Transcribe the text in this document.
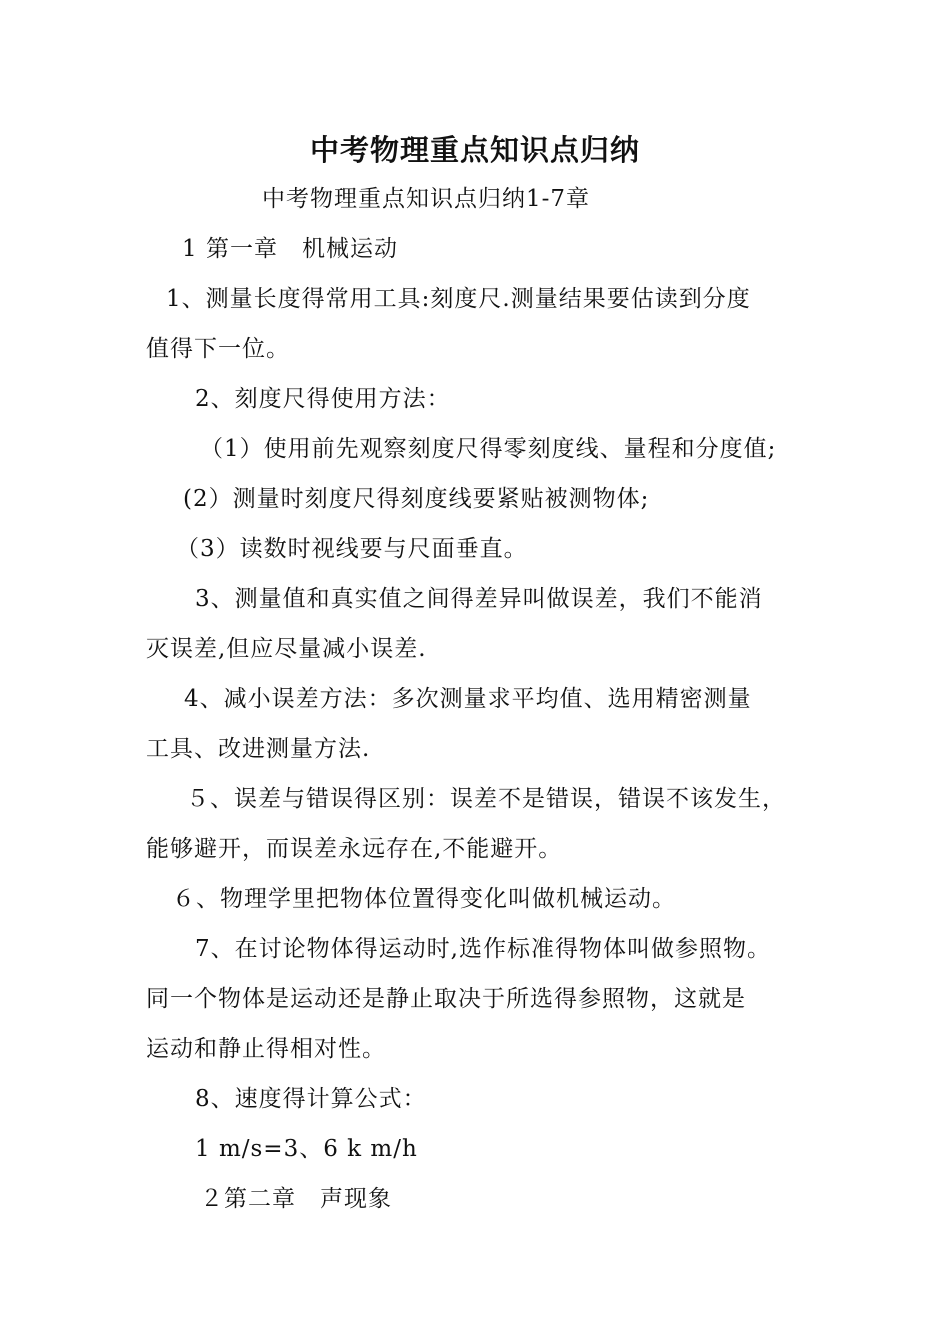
中考物理重点知识点归纳
中考物理重点知识点归纳1-7章
1 第一章　机械运动
1、测量长度得常用工具:刻度尺.测量结果要估读到分度
值得下一位。
2、刻度尺得使用方法：
（1）使用前先观察刻度尺得零刻度线、量程和分度值;
(2）测量时刻度尺得刻度线要紧贴被测物体;
（3）读数时视线要与尺面垂直。
3、测量值和真实值之间得差异叫做误差，我们不能消
灭误差,但应尽量减小误差.
4、减小误差方法：多次测量求平均值、选用精密测量
工具、改进测量方法.
５、误差与错误得区别：误差不是错误，错误不该发生，
能够避开，而误差永远存在,不能避开。
６、物理学里把物体位置得变化叫做机械运动。
7、在讨论物体得运动时,选作标准得物体叫做参照物。
同一个物体是运动还是静止取决于所选得参照物，这就是
运动和静止得相对性。
8、速度得计算公式：
1 m/s=3、6 k m/h
２第二章　声现象
